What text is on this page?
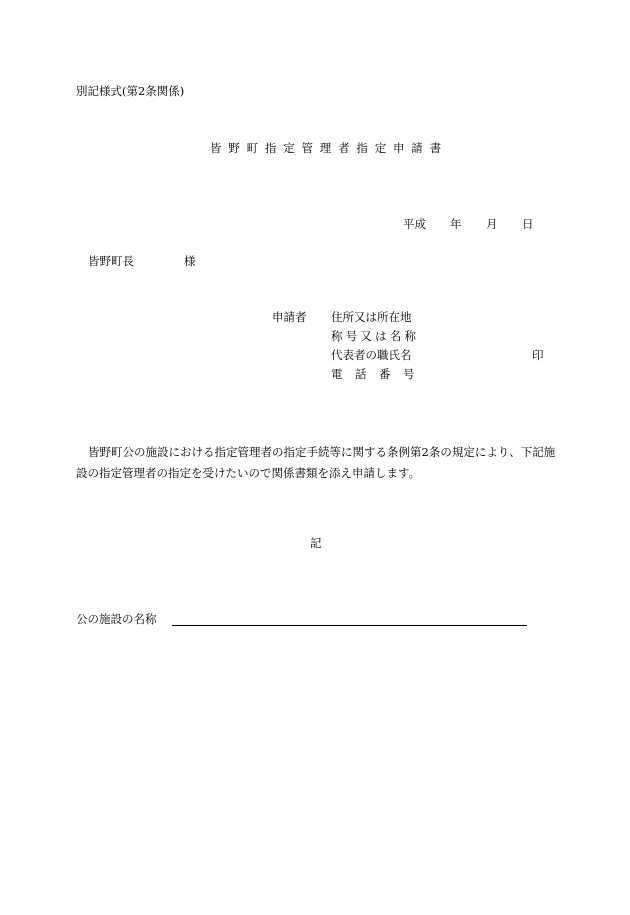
別記様式(第2条関係)
皆野町指定管理者指定申請書
平成 年 月 日
皆野町長	様
申請者 住所又は所在地
称号又は名称
代表者の職氏名	印
電話番号
皆野町公の施設における指定管理者の指定手続等に関する条例第2条の規定により、下記施設の指定管理者の指定を受けたいので関係書類を添え申請します。
記
公の施設の名称
